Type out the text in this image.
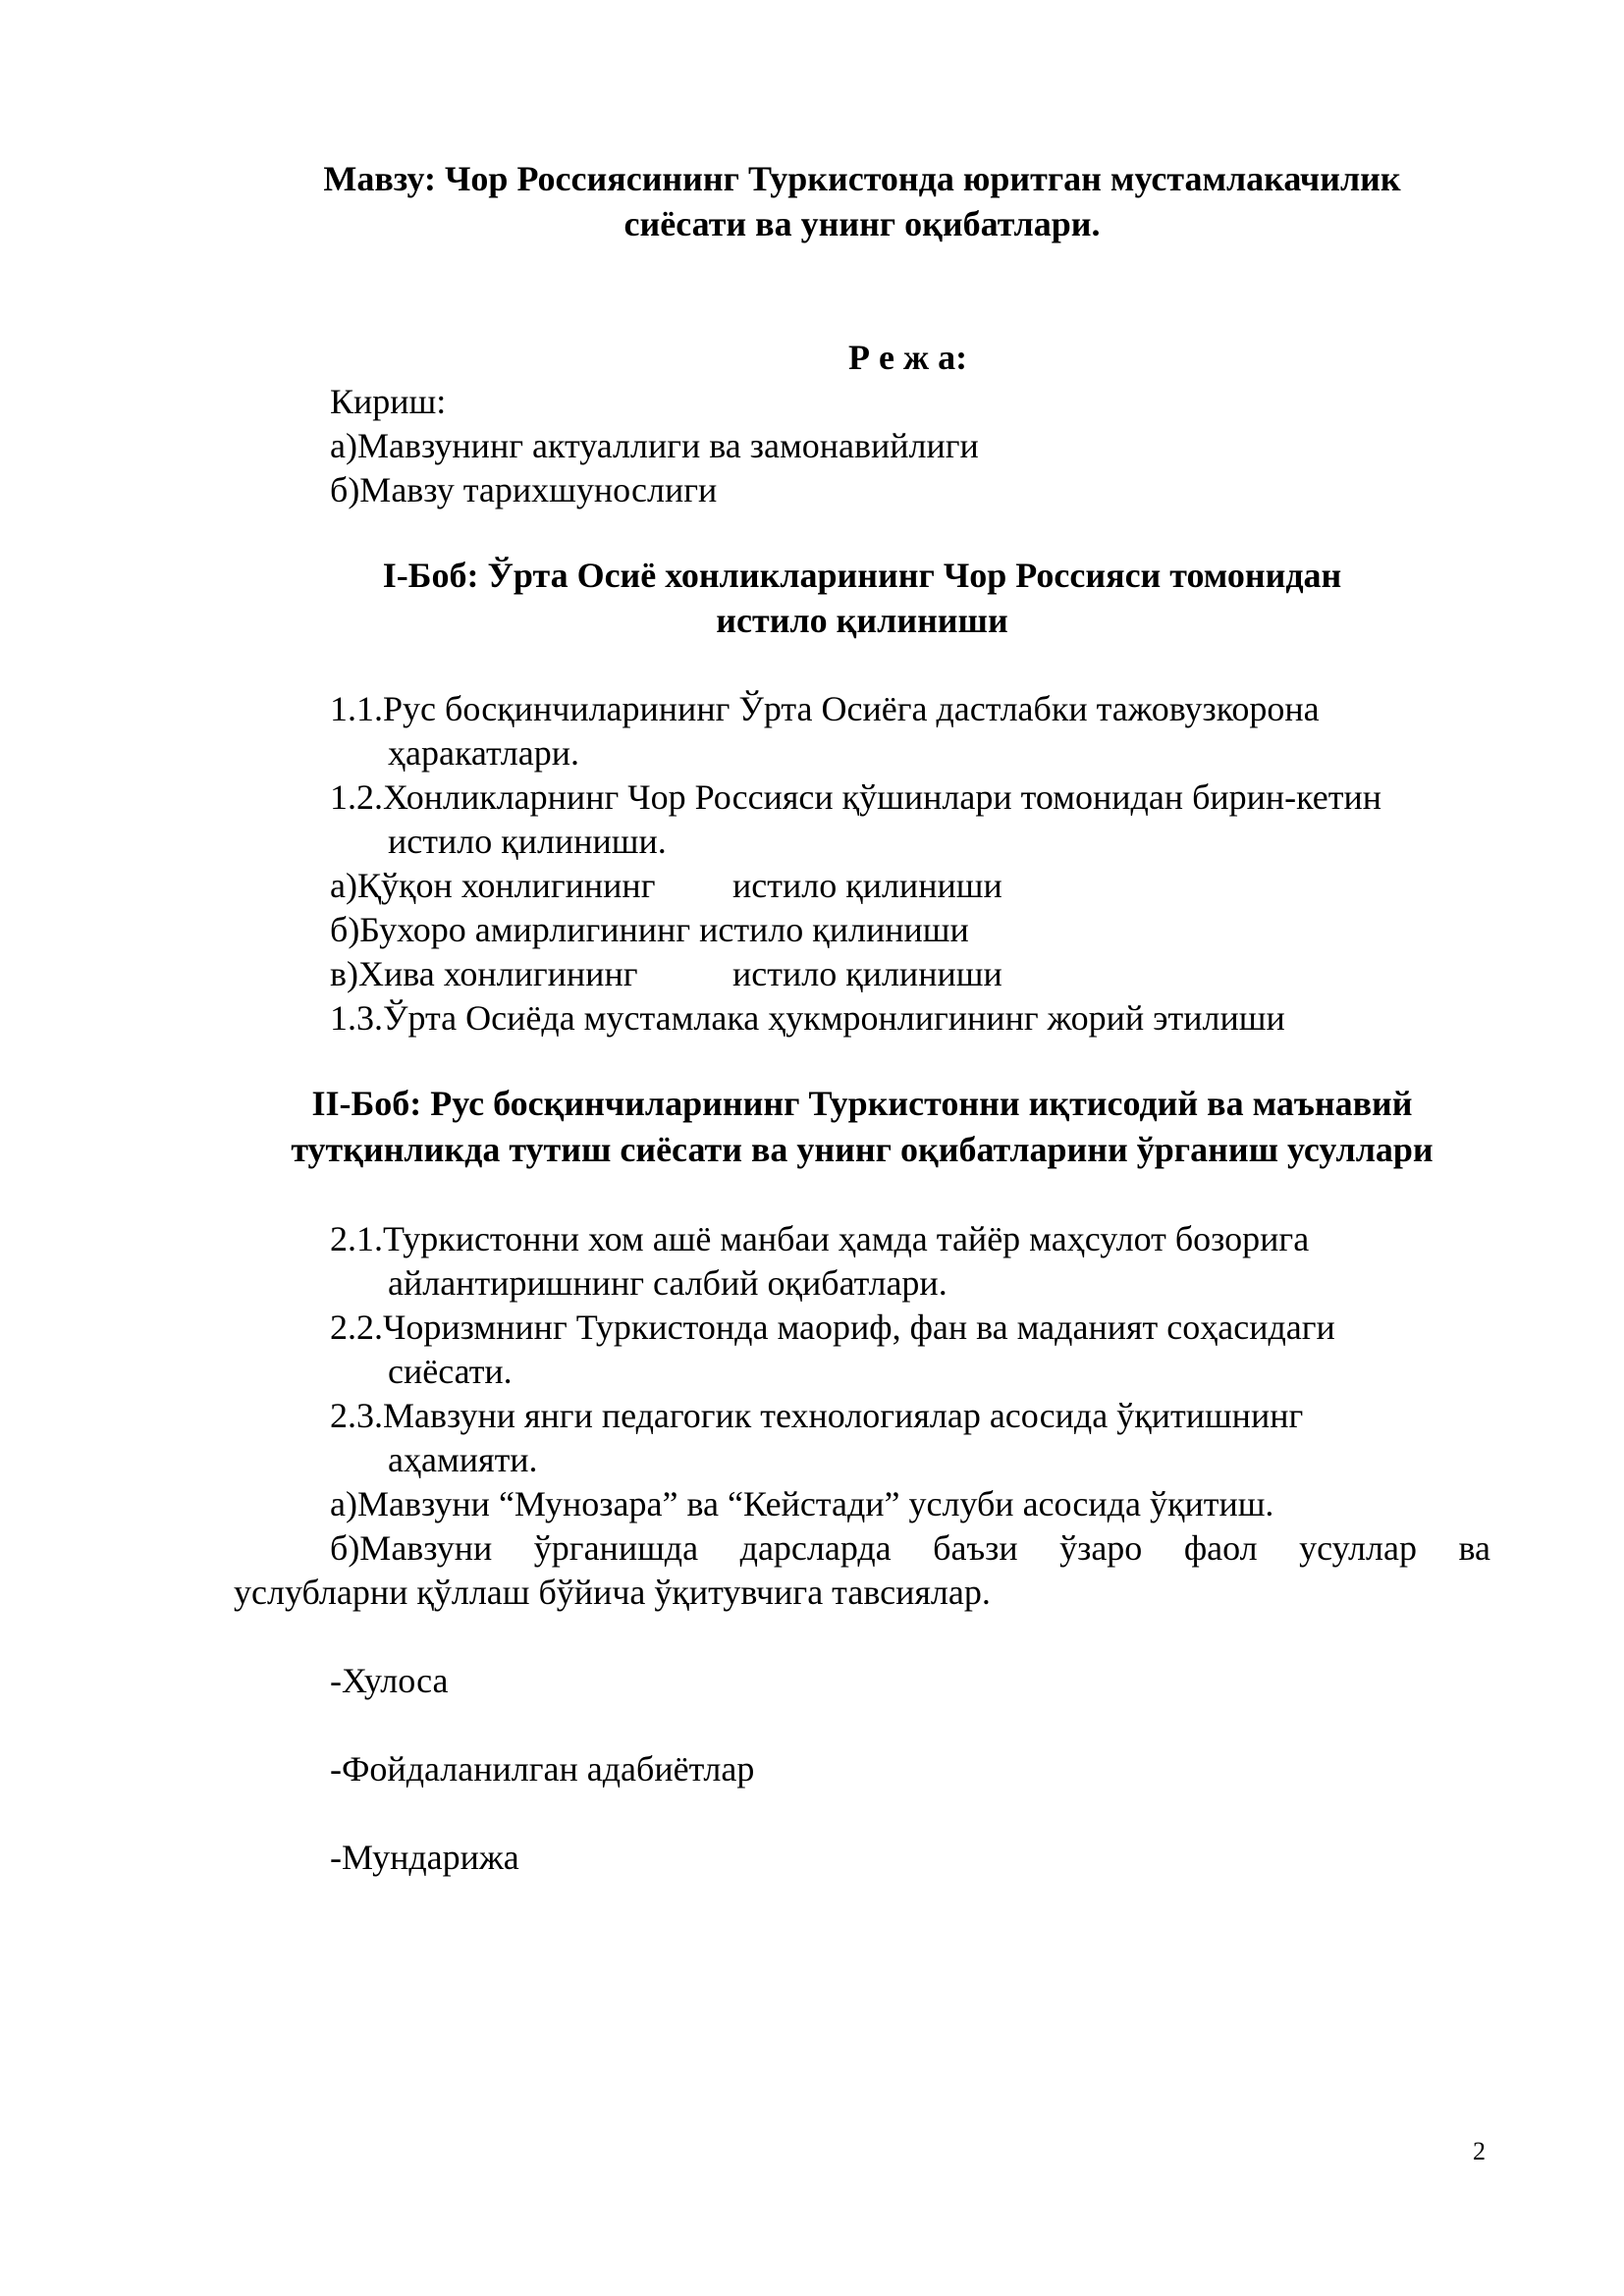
Мавзу: Чор Россиясининг Туркистонда юритган мустамлакачилик
сиёсати ва унинг оқибатлари.
Р е ж а:
Кириш:
а)Мавзунинг актуаллиги ва замонавийлиги
б)Мавзу тарихшунослиги
I-Боб: Ўрта Осиё хонликларининг Чор Россияси томонидан
истило қилиниши
1.1.Рус босқинчиларининг Ўрта Осиёга дастлабки тажовузкорона
ҳаракатлари.
1.2.Хонликларнинг Чор Россияси қўшинлари томонидан бирин-кетин
истило қилиниши.
а)Қўқон хонлигининг истило қилиниши
б)Бухоро амирлигининг истило қилиниши
в)Хива хонлигининг	истило қилиниши
1.3.Ўрта Осиёда мустамлака ҳукмронлигининг жорий этилиши
II-Боб: Рус босқинчиларининг Туркистонни иқтисодий ва маънавий
тутқинликда тутиш сиёсати ва унинг оқибатларини ўрганиш усуллари
2.1.Туркистонни хом ашё манбаи ҳамда тайёр маҳсулот бозорига
айлантиришнинг салбий оқибатлари.
2.2.Чоризмнинг Туркистонда маориф, фан ва маданият соҳасидаги
сиёсати.
2.3.Мавзуни янги педагогик технологиялар асосида ўқитишнинг
аҳамияти.
а)Мавзуни “Мунозара” ва “Кейстади” услуби асосида ўқитиш.
б)Мавзуни ўрганишда дарсларда баъзи ўзаро фаол усуллар ва
услубларни қўллаш бўйича ўқитувчига тавсиялар.
-Хулоса
-Фойдаланилган адабиётлар
-Мундарижа
2
